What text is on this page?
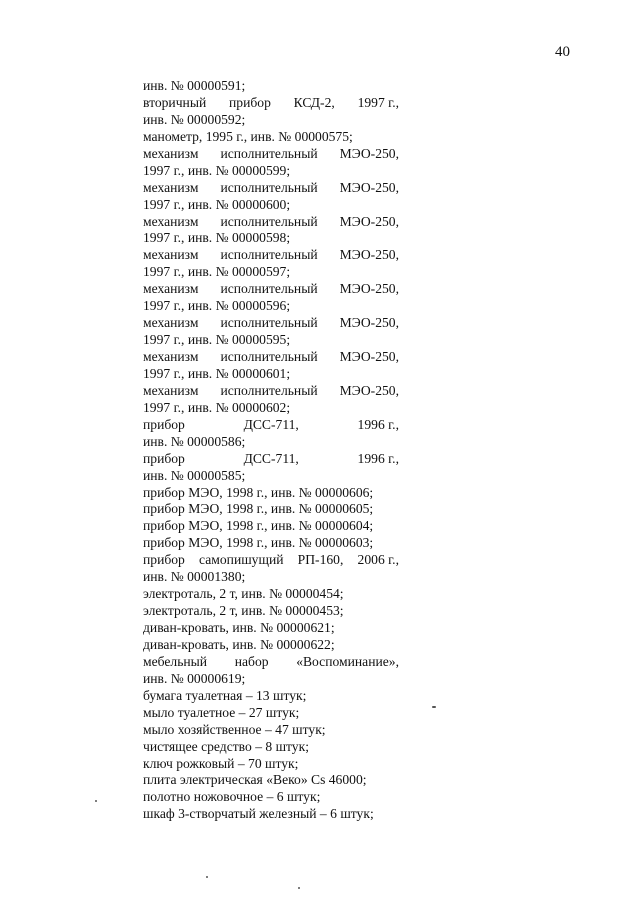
40
инв. № 00000591;
вторичный прибор КСД-2, 1997 г.,
инв. № 00000592;
манометр, 1995 г., инв. № 00000575;
механизм исполнительный МЭО-250,
1997 г., инв. № 00000599;
механизм исполнительный МЭО-250,
1997 г., инв. № 00000600;
механизм исполнительный МЭО-250,
1997 г., инв. № 00000598;
механизм исполнительный МЭО-250,
1997 г., инв. № 00000597;
механизм исполнительный МЭО-250,
1997 г., инв. № 00000596;
механизм исполнительный МЭО-250,
1997 г., инв. № 00000595;
механизм исполнительный МЭО-250,
1997 г., инв. № 00000601;
механизм исполнительный МЭО-250,
1997 г., инв. № 00000602;
прибор	ДСС-711,	1996 г.,
инв. № 00000586;
прибор	ДСС-711,	1996 г.,
инв. № 00000585;
прибор МЭО, 1998 г., инв. № 00000606;
прибор МЭО, 1998 г., инв. № 00000605;
прибор МЭО, 1998 г., инв. № 00000604;
прибор МЭО, 1998 г., инв. № 00000603;
прибор самопишущий РП-160, 2006 г.,
инв. № 00001380;
электроталь, 2 т, инв. № 00000454;
электроталь, 2 т, инв. № 00000453;
диван-кровать, инв. № 00000621;
диван-кровать, инв. № 00000622;
мебельный набор «Воспоминание»,
инв. № 00000619;
бумага туалетная – 13 штук;
мыло туалетное – 27 штук;
мыло хозяйственное – 47 штук;
чистящее средство – 8 штук;
ключ рожковый – 70 штук;
плита электрическая «Веко» Cs 46000;
полотно ножовочное – 6 штук;
шкаф 3-створчатый железный – 6 штук;
